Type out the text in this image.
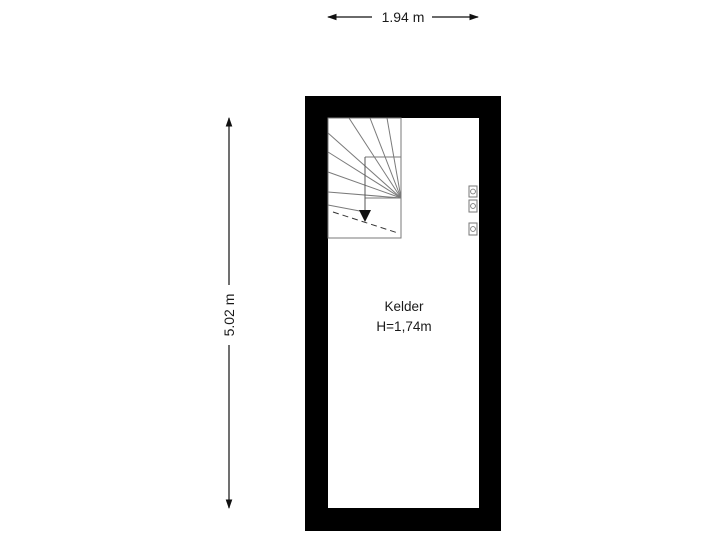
1.94 m
5.02 m	Kelder
H=1,74m
